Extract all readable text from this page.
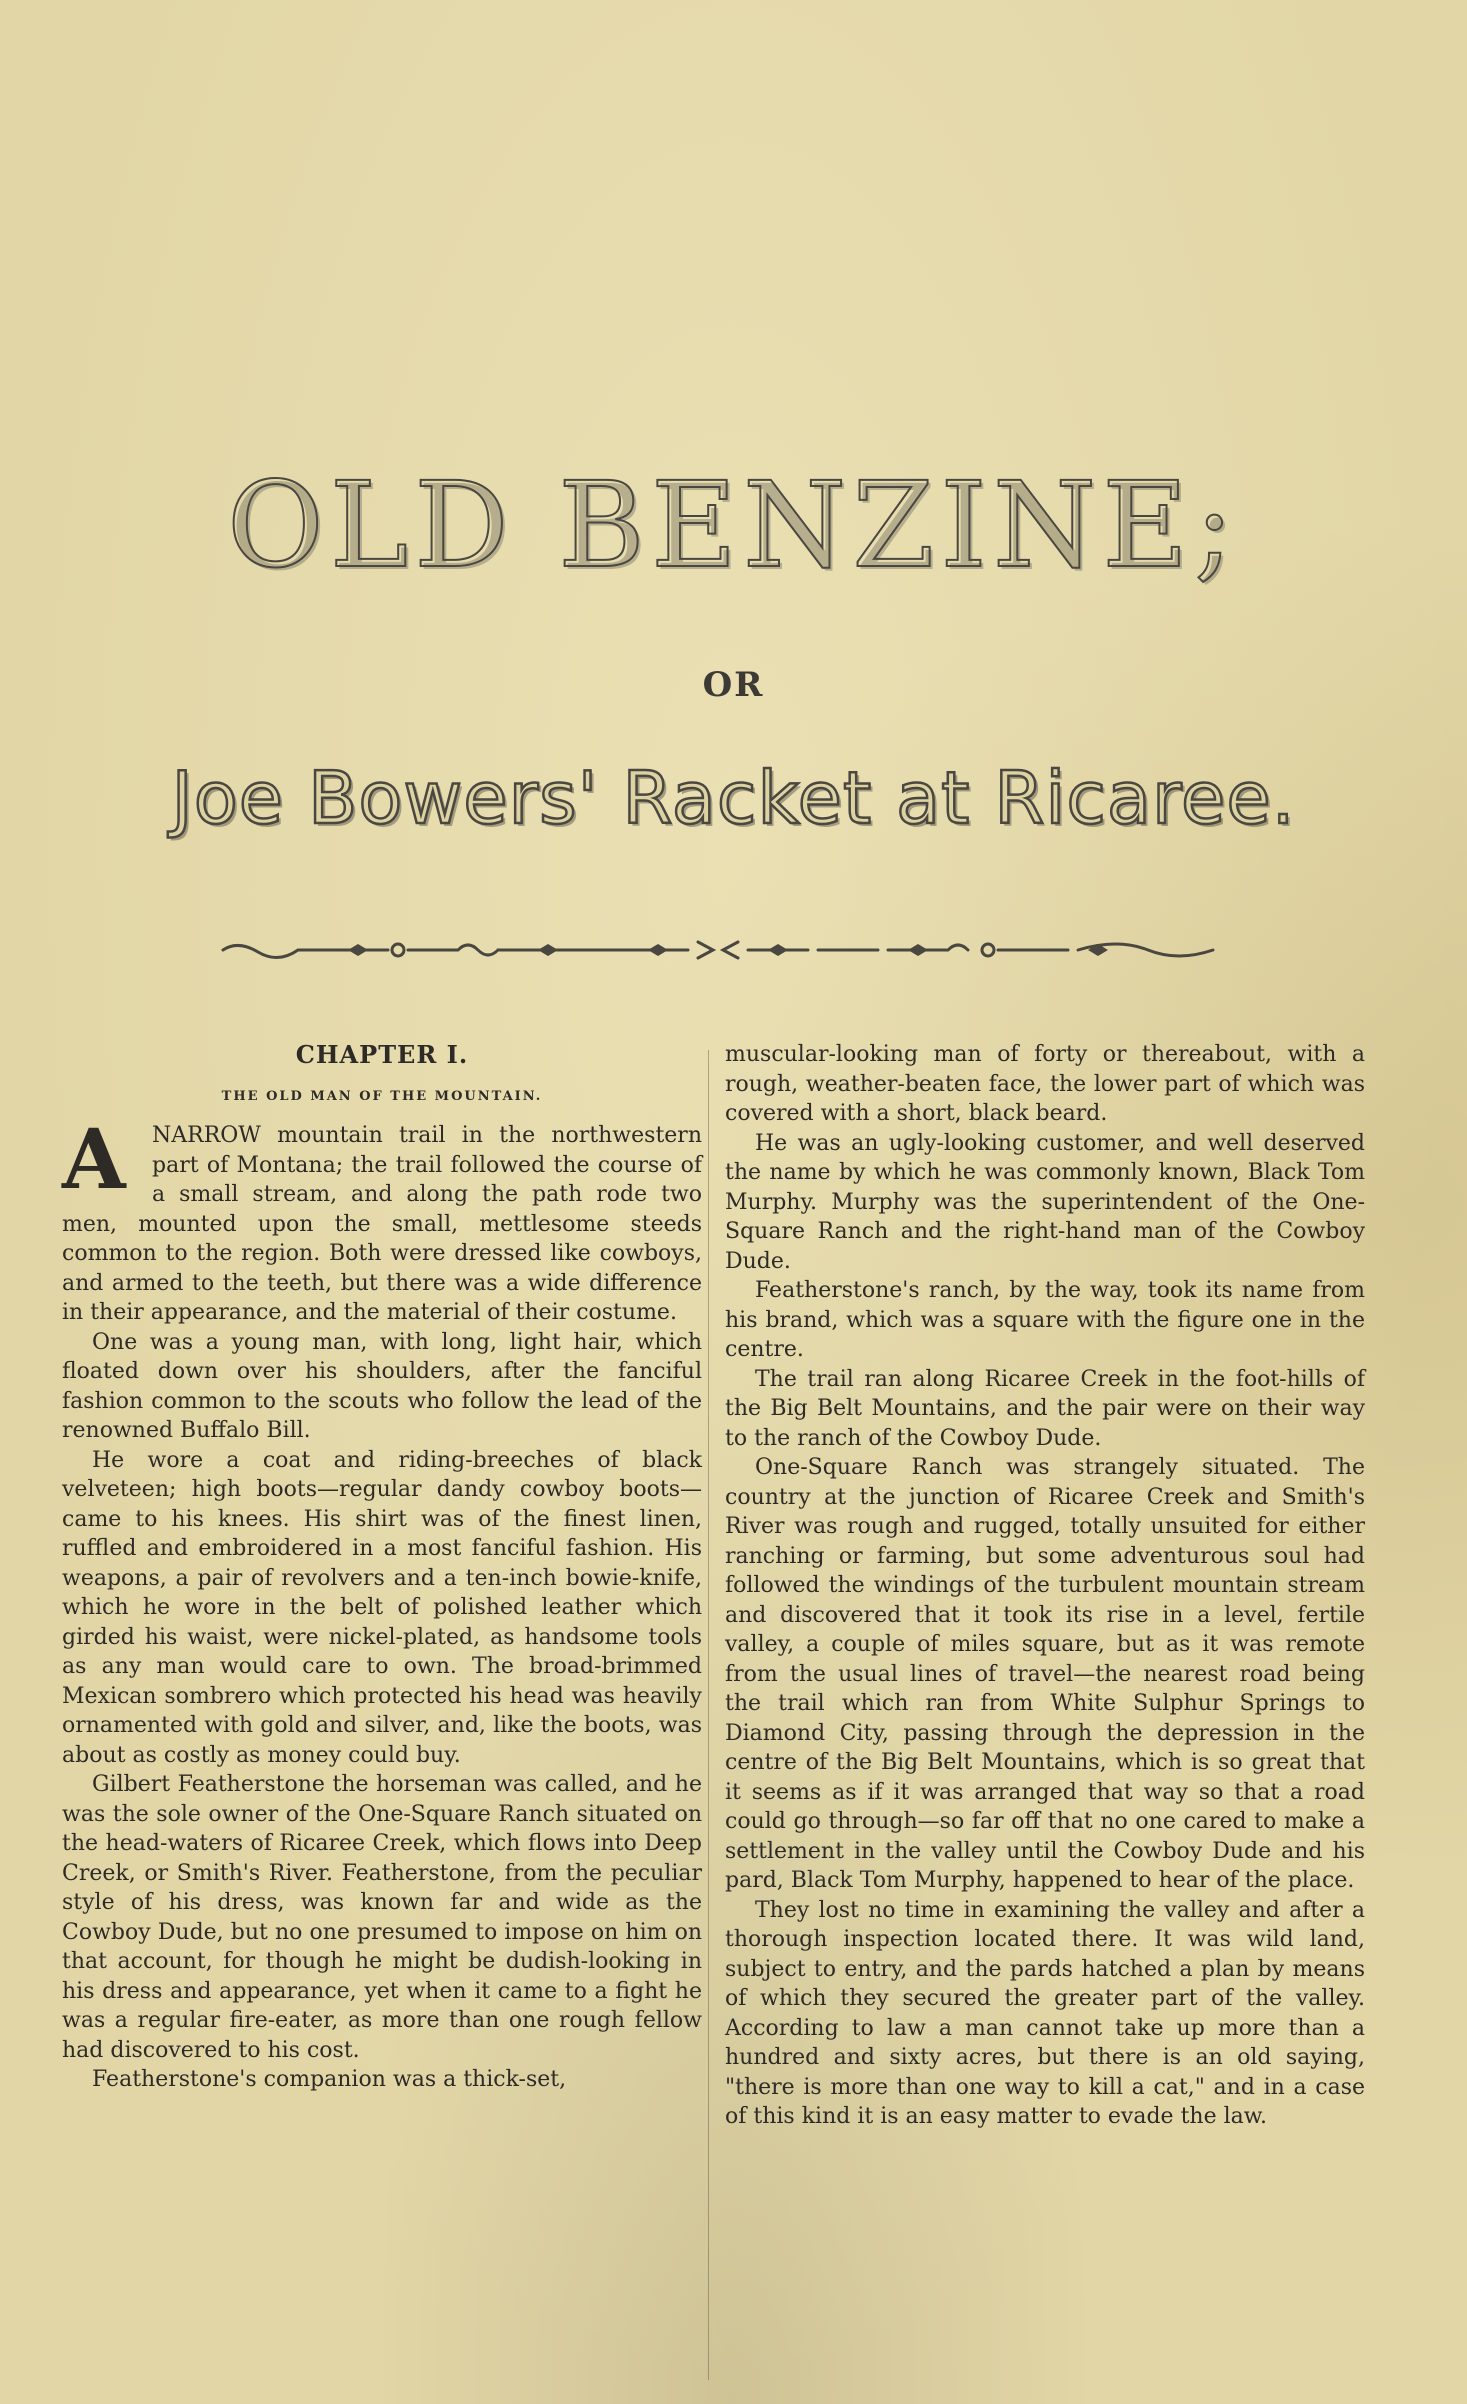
OLD BENZINE;
OR
Joe Bowers' Racket at Ricaree.
CHAPTER I.
THE OLD MAN OF THE MOUNTAIN.

A	NARROW mountain trail in the northwestern part of Montana; the trail followed the course of a small stream, and along the path rode two men, mounted upon the small, mettlesome steeds common to the region. Both were dressed like cowboys, and armed to the teeth, but there was a wide difference in their appearance, and the material of their costume.

One was a young man, with long, light hair, which floated down over his shoulders, after the fanciful fashion common to the scouts who follow the lead of the renowned Buffalo Bill.

He wore a coat and riding-breeches of black velveteen; high boots—regular dandy cowboy boots—came to his knees. His shirt was of the finest linen, ruffled and embroidered in a most fanciful fashion. His weapons, a pair of revolvers and a ten-inch bowie-knife, which he wore in the belt of polished leather which girded his waist, were nickel-plated, as handsome tools as any man would care to own. The broad-brimmed Mexican sombrero which protected his head was heavily ornamented with gold and silver, and, like the boots, was about as costly as money could buy.

Gilbert Featherstone the horseman was called, and he was the sole owner of the One-Square Ranch situated on the head-waters of Ricaree Creek, which flows into Deep Creek, or Smith's River. Featherstone, from the peculiar style of his dress, was known far and wide as the Cowboy Dude, but no one presumed to impose on him on that account, for though he might be dudish-looking in his dress and appearance, yet when it came to a fight he was a regular fire-eater, as more than one rough fellow had discovered to his cost.

Featherstone's companion was a thick-set,

muscular-looking man of forty or thereabout, with a rough, weather-beaten face, the lower part of which was covered with a short, black beard.

He was an ugly-looking customer, and well deserved the name by which he was commonly known, Black Tom Murphy. Murphy was the superintendent of the One-Square Ranch and the right-hand man of the Cowboy Dude.

Featherstone's ranch, by the way, took its name from his brand, which was a square with the figure one in the centre.

The trail ran along Ricaree Creek in the foot-hills of the Big Belt Mountains, and the pair were on their way to the ranch of the Cowboy Dude.

One-Square Ranch was strangely situated. The country at the junction of Ricaree Creek and Smith's River was rough and rugged, totally unsuited for either ranching or farming, but some adventurous soul had followed the windings of the turbulent mountain stream and discovered that it took its rise in a level, fertile valley, a couple of miles square, but as it was remote from the usual lines of travel—the nearest road being the trail which ran from White Sulphur Springs to Diamond City, passing through the depression in the centre of the Big Belt Mountains, which is so great that it seems as if it was arranged that way so that a road could go through—so far off that no one cared to make a settlement in the valley until the Cowboy Dude and his pard, Black Tom Murphy, happened to hear of the place.

They lost no time in examining the valley and after a thorough inspection located there. It was wild land, subject to entry, and the pards hatched a plan by means of which they secured the greater part of the valley. According to law a man cannot take up more than a hundred and sixty acres, but there is an old saying, "there is more than one way to kill a cat," and in a case of this kind it is an easy matter to evade the law.
